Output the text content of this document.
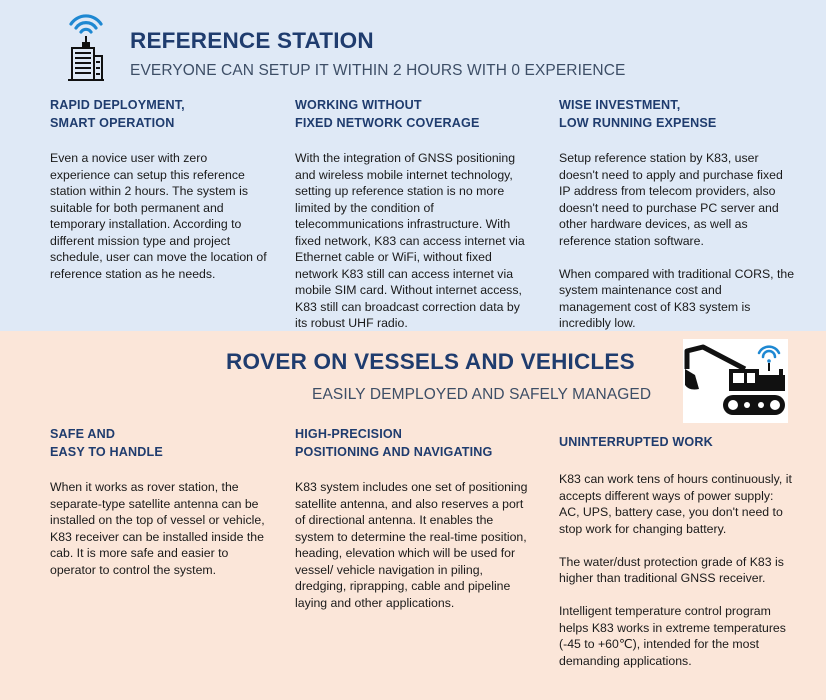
REFERENCE STATION
EVERYONE CAN SETUP IT WITHIN 2 HOURS WITH 0 EXPERIENCE
RAPID DEPLOYMENT,
SMART OPERATION

Even a novice user with zero experience can setup this reference station within 2 hours. The system is suitable for both permanent and temporary installation. According to different mission type and project schedule, user can move the location of reference station as he needs.

WORKING WITHOUT
FIXED NETWORK COVERAGE

With the integration of GNSS positioning and wireless mobile internet technology, setting up reference station is no more limited by the condition of telecommunications infrastructure. With fixed network, K83 can access internet via Ethernet cable or WiFi, without fixed network K83 still can access internet via mobile SIM card. Without internet access, K83 still can broadcast correction data by its robust UHF radio.

WISE INVESTMENT,
LOW RUNNING EXPENSE

Setup reference station by K83, user doesn't need to apply and purchase fixed IP address from telecom providers, also doesn't need to purchase PC server and other hardware devices, as well as reference station software.

When compared with traditional CORS, the system maintenance cost and management cost of K83 system is incredibly low.

ROVER ON VESSELS AND VEHICLES
EASILY DEMPLOYED AND SAFELY MANAGED
SAFE AND
EASY TO HANDLE

When it works as rover station, the separate-type satellite antenna can be installed on the top of vessel or vehicle, K83 receiver can be installed inside the cab. It is more safe and easier to operator to control the system.

HIGH-PRECISION
POSITIONING AND NAVIGATING

K83 system includes one set of positioning satellite antenna, and also reserves a port of directional antenna. It enables the system to determine the real-time position, heading, elevation which will be used for vessel/ vehicle navigation in piling, dredging, riprapping, cable and pipeline laying and other applications.

UNINTERRUPTED WORK

K83 can work tens of hours continuously, it accepts different ways of power supply: AC, UPS, battery case, you don't need to stop work for changing battery.

The water/dust protection grade of K83 is higher than traditional GNSS receiver.

Intelligent temperature control program helps K83 works in extreme temperatures (-45 to +60℃), intended for the most demanding applications.
